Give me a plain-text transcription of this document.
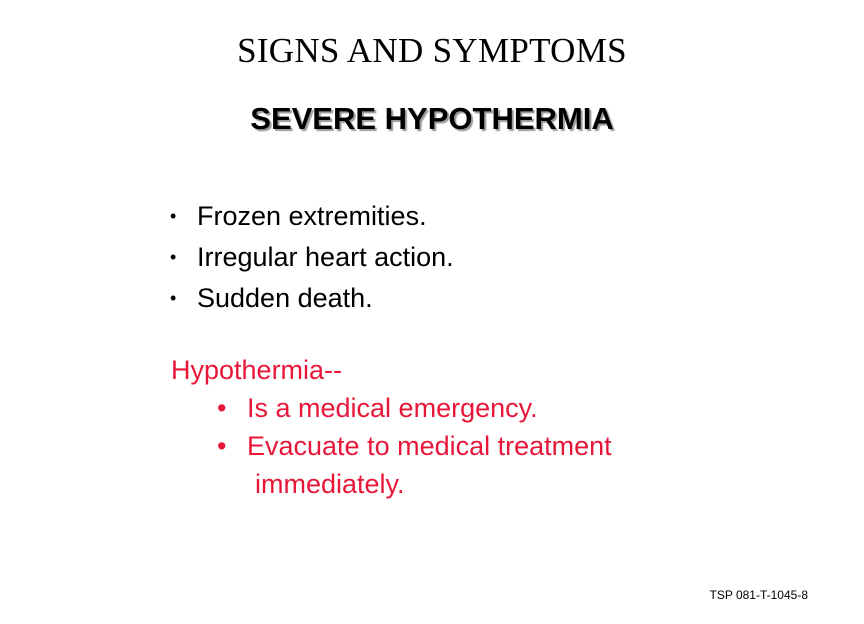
SIGNS AND SYMPTOMS
SEVERE HYPOTHERMIA
• Frozen extremities.
• Irregular heart action.
• Sudden death.
Hypothermia--
• Is a medical emergency.
• Evacuate to medical treatment
immediately.
TSP 081-T-1045-8
